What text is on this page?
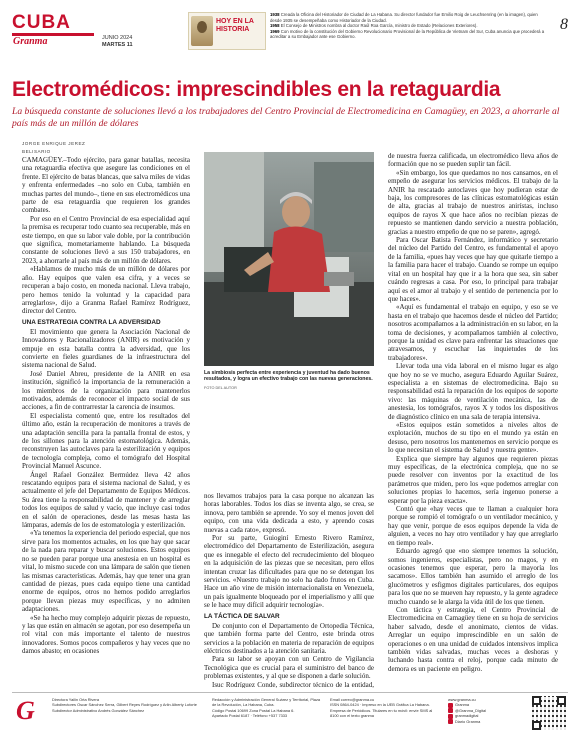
CUBA
Granma	JUNIO 2024
MARTES 11
HOY EN LA HISTORIA
1938 Creada la Oficina del Historiador de Ciudad de La Habana. Su director fundador fue Emilio Roig de Leuchsenring (en la imagen), quien desde 1935 se desempeñaba como Historiador de la Ciudad.
1958 El Consejo de Ministros nombra al doctor Raúl Roa García, ministro de Estado (Relaciones Exteriores).
1969 Con motivo de la constitución del Gobierno Revolucionario Provisional de la República de Vietnam del Sur, Cuba anuncia que procederá a acreditar a su Embajador ante ese Gobierno.
8
Electromédicos: imprescindibles en la retaguardia
La búsqueda constante de soluciones llevó a los trabajadores del Centro Provincial de Electromedicina en Camagüey, en 2023, a ahorrarle al país más de un millón de dólares
JORGE ENRIQUE JEREZ
BELISARIO

CAMAGÜEY.–Todo ejército, para ganar batallas, necesita una retaguardia efectiva que asegure las condiciones en el frente. El ejército de batas blancas, que salva miles de vidas y enfrenta enfermedades –no solo en Cuba, también en muchas partes del mundo–, tiene en sus electromédicos una parte de esa retaguardia que requieren los grandes combates.

Por eso en el Centro Provincial de esa especialidad aquí la premisa es recuperar todo cuanto sea recuperable, más en este tiempo, en que su labor vale doble, por la contribución que significa, mometariamente hablando. La búsqueda constante de soluciones llevó a sus 150 trabajadores, en 2023, a ahorrarle al país más de un millón de dólares.

«Hablamos de mucho más de un millón de dólares por año. Hay equipos que valen esa cifra, y a veces se recuperan a bajo costo, en moneda nacional. Lleva trabajo, pero hemos tenido la voluntad y la capacidad para arreglarlos», dijo a Granma Rafael Ramírez Rodríguez, director del Centro.

UNA ESTRATEGIA CONTRA LA ADVERSIDAD

El movimiento que genera la Asociación Nacional de Innovadores y Racionalizadores (ANIR) es motivación y empuje en esta batalla contra la adversidad, que los convierte en fieles guardianes de la infraestructura del sistema nacional de Salud.

José Daniel Abreu, presidente de la ANIR en esa institución, significó la importancia de la remuneración a los miembros de la organización para mantenerlos motivados, además de reconocer el impacto social de sus acciones, a fin de contrarrestar la carencia de insumos.

El especialista comentó que, entre los resultados del último año, están la recuperación de monitores a través de una adaptación sencilla para la pantalla frontal de estos, y de los sillones para la atención estomatológica. Además, reconstruyen las autoclaves para la esterilización y equipos de tecnología compleja, como el tomógrafo del Hospital Provincial Manuel Ascunce.

Ángel Rafael González Bermúdez lleva 42 años rescatando equipos para el sistema nacional de Salud, y es actualmente el jefe del Departamento de Equipos Médicos. Su área tiene la responsabilidad de mantener y de arreglar todos los equipos de salud y vacío, que incluye casi todos en el salón de operaciones, desde las mesas hasta las lámparas, además de los de estomatología y esterilización.

«Ya tenemos la experiencia del periodo especial, que nos sirve para los momentos actuales, en los que hay que sacar de la nada para reparar y buscar soluciones. Estos equipos no se pueden parar porque una anestesia en un hospital es vital, lo mismo sucede con una lámpara de salón que tienen las mismas características. Además, hay que tener una gran cantidad de piezas, pues cada equipo tiene una cantidad enorme de equipos, otros no hemos podido arreglarlos porque llevan piezas muy específicas, y no admiten adaptaciones.

«Se ha hecho muy complejo adquirir piezas de repuesto, y las que están en almacén se agotan, por eso desempeña un rol vital con más importante el talento de nuestros innovadores. Somos pocos compañeros y hay veces que no damos abasto; en ocasiones

La simbiosis perfecta entre experiencia y juventud ha dado buenos resultados, y logra un efectivo trabajo con las nuevas generaciones.
FOTO DEL AUTOR

nos llevamos trabajos para la casa porque no alcanzan las horas laborables. Todos los días se inventa algo, se crea, se innova, pero también se aprende. Yo soy el menos joven del equipo, con una vida dedicada a esto, y aprendo cosas nuevas a cada rato», expresó.

Por su parte, Guioginí Ernesto Rivero Ramírez, electromédico del Departamento de Esterilización, asegura que es innegable el efecto del recrudecimiento del bloqueo en la adquisición de las piezas que se necesitan, pero ellos intentan cruzar las dificultades para que no se detengan los servicios. «Nuestro trabajo no solo ha dado frutos en Cuba. Hace un año vine de misión internacionalista en Venezuela, un país igualmente bloqueado por el imperialismo y allí que se le hace muy difícil adquirir tecnología».

LA TÁCTICA DE SALVAR

De conjunto con el Departamento de Ortopedia Técnica, que también forma parte del Centro, este brinda otros servicios a la población en materia de reparación de equipos eléctricos destinados a la atención sanitaria.

Para su labor se apoyan con un Centro de Vigilancia Tecnológica que es crucial para el suministro del banco de problemas existentes, y al que se disponen a darle solución.

Isuc Rodríguez Conde, subdirector técnico de la entidad,

de nuestra fuerza calificada, un electromédico lleva años de formación que no se pueden suplir tan fácil.

«Sin embargo, los que quedamos no nos cansamos, en el empeño de asegurar los servicios médicos. El trabajo de la ANIR ha rescatado autoclaves que hoy pudieran estar de baja, los compresores de las clínicas estomatológicas están de alta, gracias al trabajo de nuestros anirístas, incluso equipos de rayos X que hace años no recibían piezas de repuesto se mantienen dando servicio a nuestra población, gracias a nuestro empeño de que no se paren», agregó.

Para Oscar Batista Fernández, informático y secretario del núcleo del Partido del Centro, es fundamental el apoyo de la familia, «pues hay veces que hay que quitarle tiempo a la familia para hacer el trabajo. Cuando se rompe un equipo vital en un hospital hay que ir a la hora que sea, sin saber cuándo regresas a casa. Por eso, lo principal para trabajar aquí es el amor al trabajo y el sentido de pertenencia por lo que haces».

«Aquí es fundamental el trabajo en equipo, y eso se ve hasta en el trabajo que hacemos desde el núcleo del Partido; nosotros acompañamos a la administración en su labor, en la toma de decisiones, y acompañamos también al colectivo, porque la unidad es clave para enfrentar las situaciones que atravesamos, y escuchar las inquietudes de los trabajadores».

Llevar toda una vida laboral en el mismo lugar es algo que hoy no se ve mucho, asegura Eduardo Aguilar Suárez, especialista a en sistemas de electromedicina. Bajo su responsabilidad está la reparación de los equipos de soporte vivo: las máquinas de ventilación mecánica, las de anestesia, los tomógrafos, rayos X y todos los dispositivos de diagnóstico clínico en una sala de terapia intensiva.

«Estos equipos están sometidos a niveles altos de explotación, muchos de su tipo en el mundo ya están en desuso, pero nosotros los mantenemos en servicio porque es lo que necesitan el sistema de Salud y nuestra gente».

Explica que siempre hay algunos que requieren piezas muy específicas, de la electrónica compleja, que no se puede resolver con inventos por la exactitud de los parámetros que miden, pero los «que podemos arreglar con soluciones propias lo hacemos, sería ingenuo ponerse a esperar por la pieza exacta».

Contó que «hay veces que te llaman a cualquier hora porque se rompió el tomógrafo o un ventilador mecánico, y hay que venir, porque de esos equipos depende la vida de alguien, a veces no hay otro ventilador y hay que arreglarlo en tiempo real».

Eduardo agregó que «no siempre tenemos la solución, somos ingenieros, especialistas, pero no magos, y en ocasiones tenemos que esperar, pero la mayoría los sacamos». Ellos también han asumido el arreglo de los glucómetros y esfigmos digitales particulares, dos equipos para los que no se mueven hay repuesto, y la gente agradece mucho cuando se le alarga la vida útil de los que tienen.

Con táctica y estrategia, el Centro Provincial de Electromedicina en Camagüey tiene en su hoja de servicios haber salvado, desde el anonimato, cientos de vidas. Arreglar un equipo imprescindible en un salón de operaciones o en una unidad de cuidados intensivos implica también vidas salvadas, muchas veces a deshoras y luchando hasta contra el reloj, porque cada minuto de demora es un paciente en peligro.

G	Directora Yailin Orta Rivera
Subdirectores Oscar Sánchez Serra, Gilbert Reyes Rodríguez y Arlin Alberty Loforte
Subdirector Administrativo Andrés González Sánchez
Redacción y Administración General Suárez y Territorial, Plaza de la Revolución, La Habana, Cuba.
Código Postal 10699 Zona Postal La Habana 6.
Apartado Postal 6187 · Teléfono +537 7333
Email correo@granma.cu
ISSN 0864-0424 · Impreso en la UEB Gráfica La Habana.
Empresa de Periódicos. Titulares en tu móvil: envíe SMS al 8100 con el texto granma
www.granma.cu
Granma
@Granma_Digital
granmadigital
Diario Granma
